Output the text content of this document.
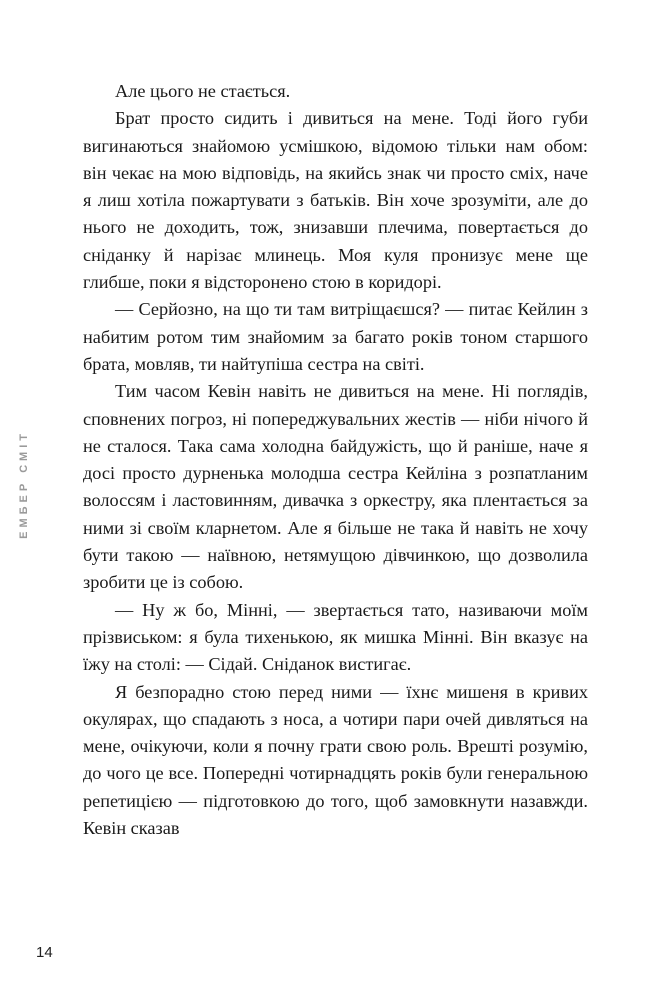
ЕМБЕР СМІТ

Але цього не стається.

Брат просто сидить і дивиться на мене. Тоді його губи вигинаються знайомою усмішкою, відомою тільки нам обом: він чекає на мою відповідь, на якийсь знак чи просто сміх, наче я лиш хотіла пожартувати з батьків. Він хоче зрозуміти, але до нього не доходить, тож, знизавши плечима, повертається до сніданку й нарізає млинець. Моя куля пронизує мене ще глибше, поки я відсторонено стою в коридорі.

— Серйозно, на що ти там витріщаєшся? — питає Кейлин з набитим ротом тим знайомим за багато років тоном старшого брата, мовляв, ти найтупіша сестра на світі.

Тим часом Кевін навіть не дивиться на мене. Ні поглядів, сповнених погроз, ні попереджувальних жестів — ніби нічого й не сталося. Така сама холодна байдужість, що й раніше, наче я досі просто дурненька молодша сестра Кейліна з розпатланим волоссям і ластовинням, дивачка з оркестру, яка плентається за ними зі своїм кларнетом. Але я більше не така й навіть не хочу бути такою — наївною, нетямущою дівчинкою, що дозволила зробити це із собою.

— Ну ж бо, Мінні, — звертається тато, називаючи моїм прізвиськом: я була тихенькою, як мишка Мінні. Він вказує на їжу на столі: — Сідай. Сніданок вистигає.

Я безпорадно стою перед ними — їхнє мишеня в кривих окулярах, що спадають з носа, а чотири пари очей дивляться на мене, очікуючи, коли я почну грати свою роль. Врешті розумію, до чого це все. Попередні чотирнадцять років були генеральною репетицією — підготовкою до того, щоб замовкнути назавжди. Кевін сказав

14
